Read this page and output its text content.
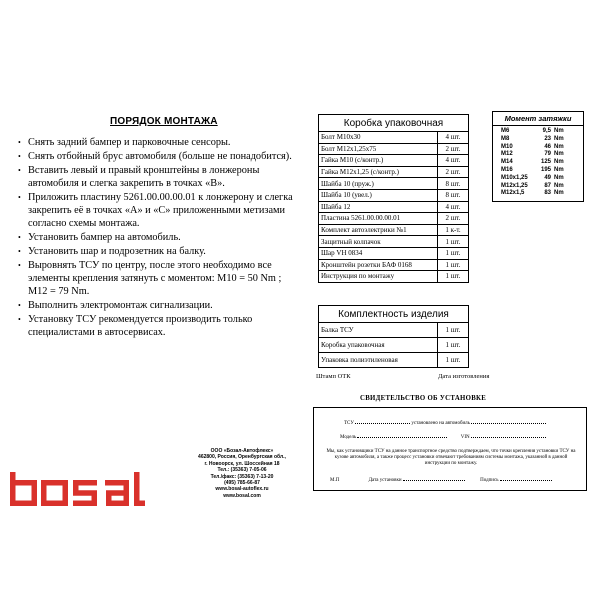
ПОРЯДОК МОНТАЖА
• Снять задний бампер и парковочные сенсоры.
• Снять отбойный брус автомобиля (больше не понадобится).
• Вставить левый и правый кронштейны в лонжероны автомобиля и слегка закрепить в точках «В».
• Приложить пластину 5261.00.00.00.01 к лонжерону и слегка закрепить её в точках «А» и «С» приложенными метизами согласно схемы монтажа.
• Установить бампер на автомобиль.
• Установить шар и подрозетник на балку.
• Выровнять ТСУ по центру, после этого необходимо все элементы крепления затянуть с моментом: М10 = 50 Nm ; М12 = 79 Nm.
• Выполнить электромонтаж сигнализации.
• Установку ТСУ рекомендуется производить только специалистами в автосервисах.
Коробка упаковочная
Болт М10х30	4 шт.
Болт М12х1,25х75	2 шт.
Гайка М10 (с/контр.)	4 шт.
Гайка М12х1,25 (с/контр.)	2 шт.
Шайба 10 (пруж.)	8 шт.
Шайба 10 (увел.)	8 шт.
Шайба 12	4 шт.
Пластина 5261.00.00.00.01	2 шт.
Комплект автоэлектрики №1	1 к-т.
Защитный колпачок	1 шт.
Шар VH 0834	1 шт.
Кронштейн розетки БАФ 0168	1 шт.
Инструкция по монтажу	1 шт.
Комплектность изделия
Балка ТСУ	1 шт.
Коробка упаковочная	1 шт.
Упаковка полиэтиленовая	1 шт.
Момент затяжки
M6	9,5 Nm
M8	23 Nm
M10	46 Nm
M12	79 Nm
M14	125 Nm
M16	195 Nm
M10x1,25	49 Nm
M12x1,25	87 Nm
M12x1,5	83 Nm
Штамп ОТК	Дата изготовления
СВИДЕТЕЛЬСТВО ОБ УСТАНОВКЕ
ТСУ	установлено на автомобиль
Модель	VIN
Мы, как установщики ТСУ на данное транспортное средство подтверждаем, что точки крепления установки ТСУ на кузове автомобиля, а также процесс установки отвечают требованиям системы монтажа, указанной в данной инструкции по монтажу.
М.П	Дата установки	Подпись
ООО «Бозал-Автофлекс»
462800, Россия, Оренбургская обл.,
г. Новоорск, ул. Шоссейная 18
Тел.: (35363) 7-05-06
Тел./факс: (35363) 7-13-20
(495) 785-66-87
www.bosal-autoflex.ru
www.bosal.com
